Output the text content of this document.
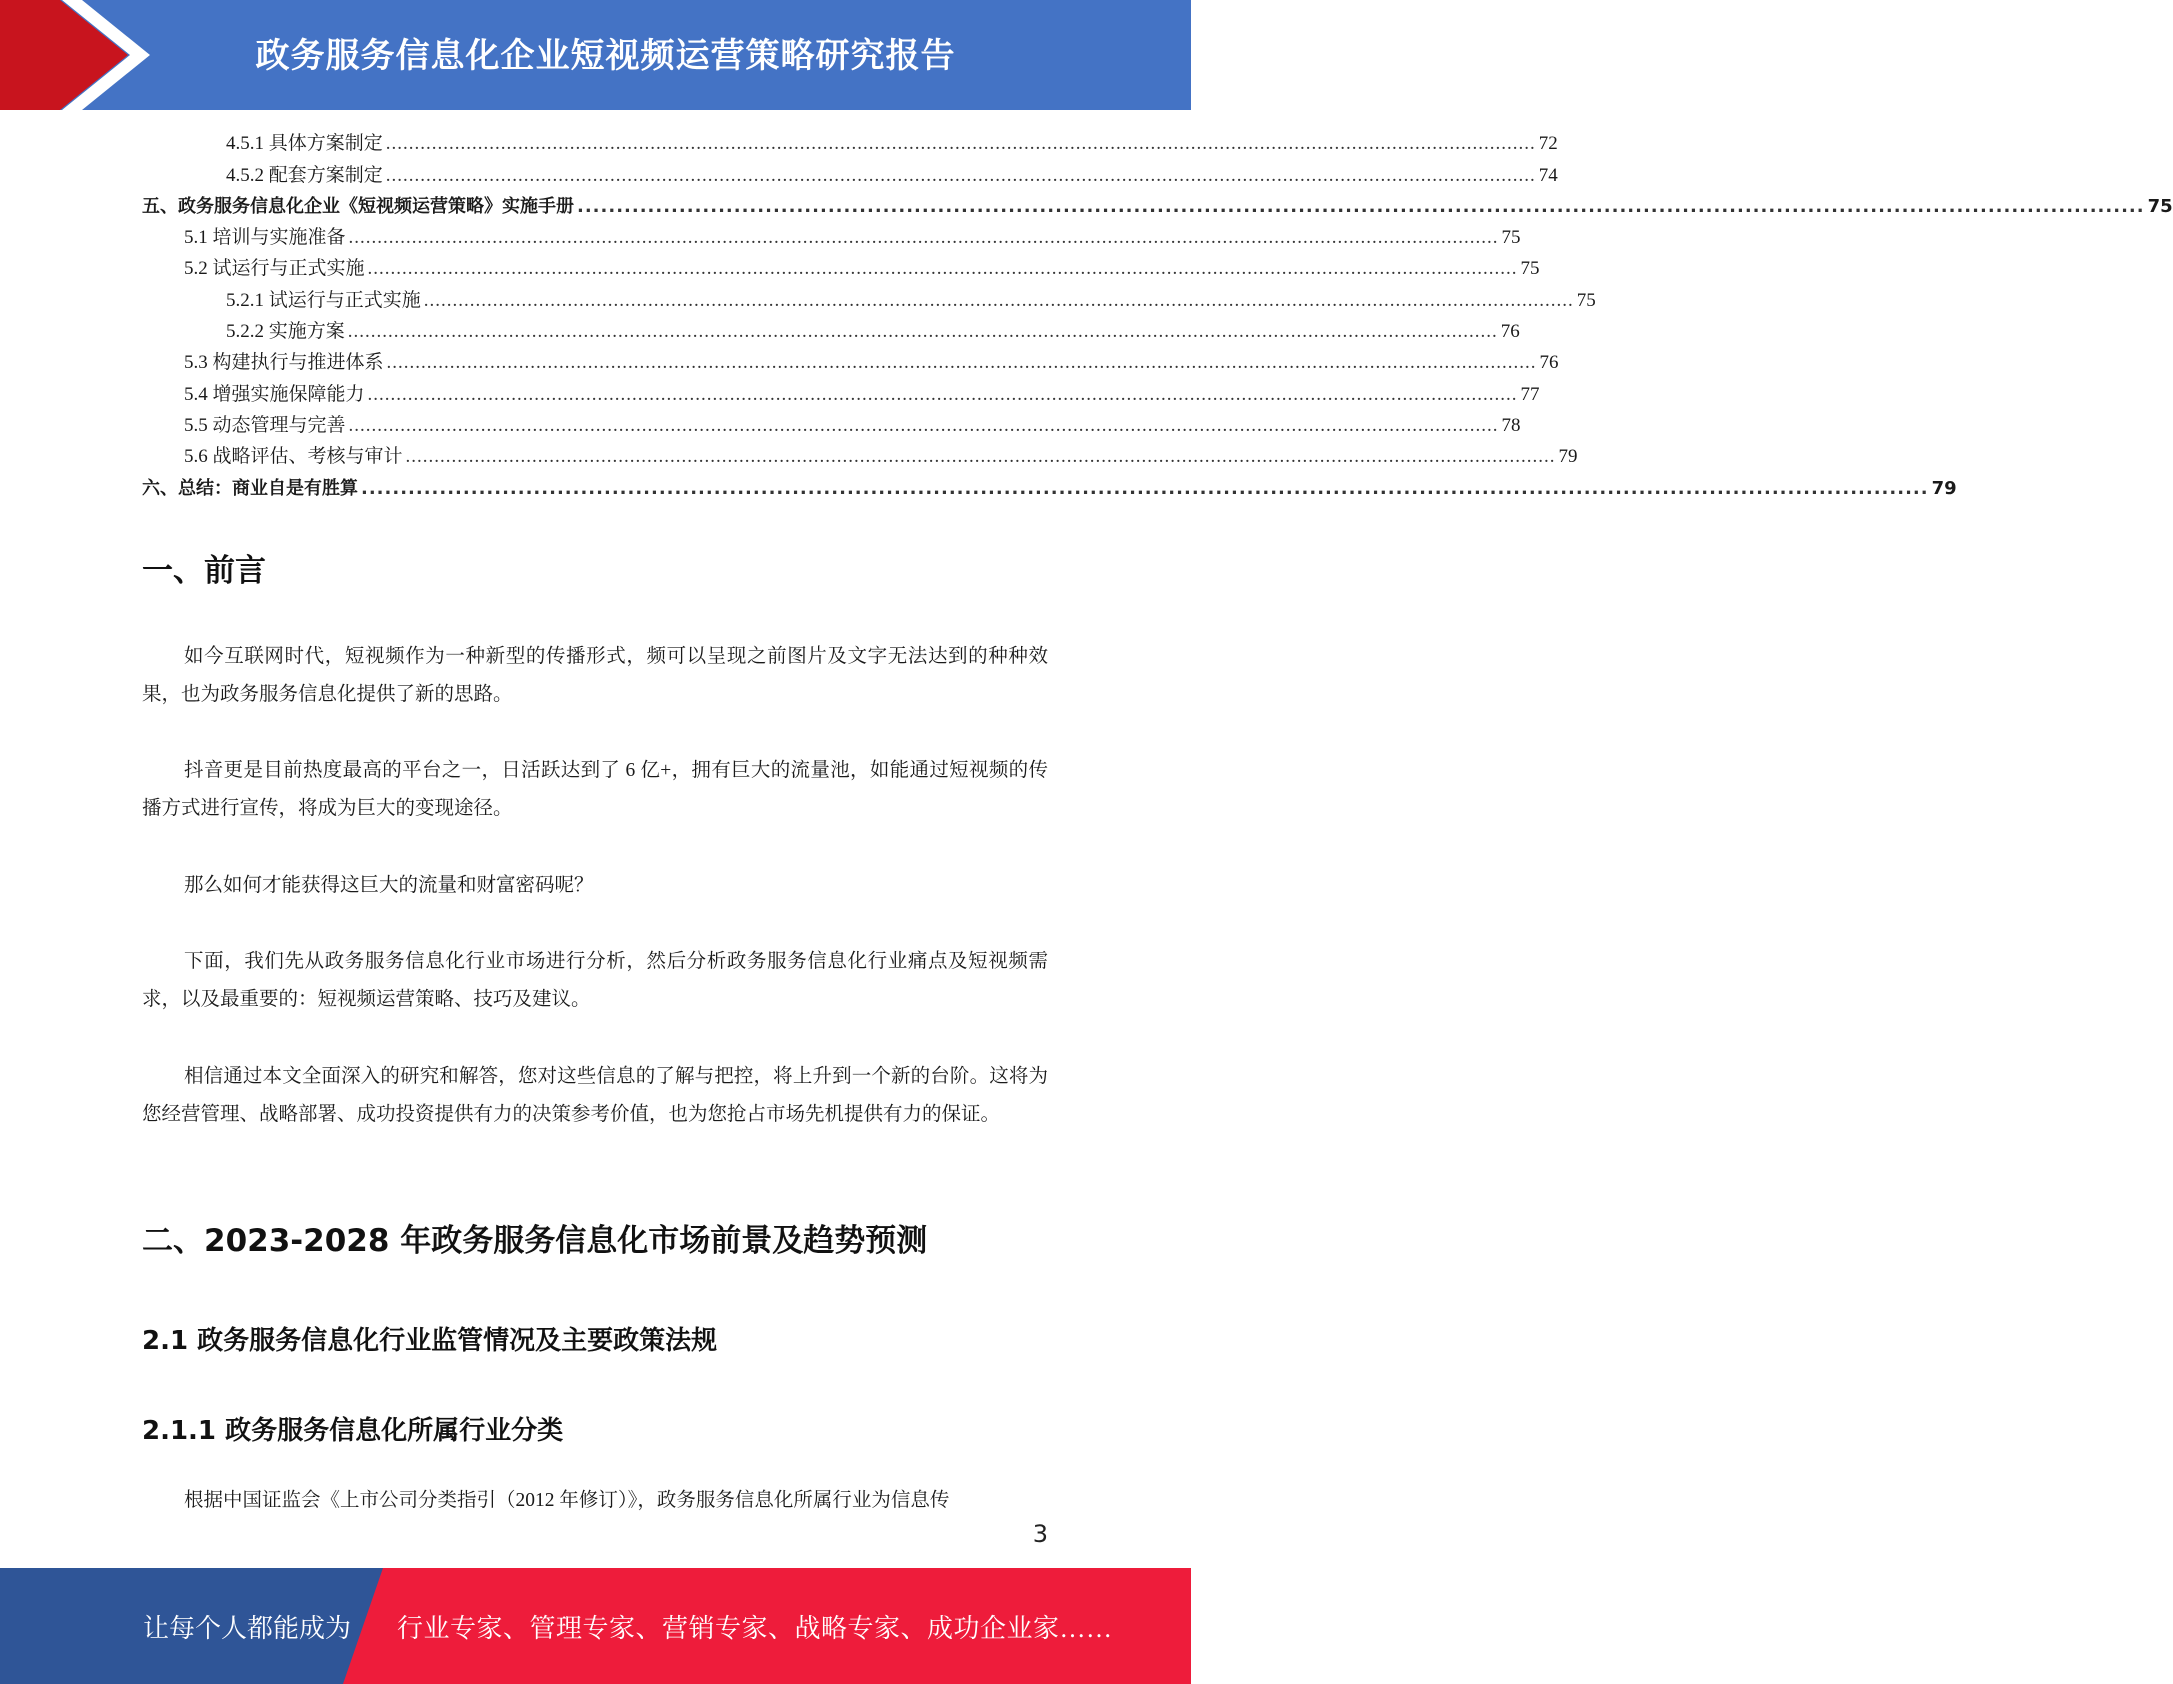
政务服务信息化企业短视频运营策略研究报告
4.5.1 具体方案制定 ........................................................................................................................................................................................................ 72
4.5.2 配套方案制定 ........................................................................................................................................................................................................ 74
五、政务服务信息化企业《短视频运营策略》实施手册 ........................................................................................................................................................................................................ 75
5.1 培训与实施准备 ........................................................................................................................................................................................................ 75
5.2 试运行与正式实施 ........................................................................................................................................................................................................ 75
5.2.1 试运行与正式实施 ........................................................................................................................................................................................................ 75
5.2.2 实施方案 ........................................................................................................................................................................................................ 76
5.3 构建执行与推进体系 ........................................................................................................................................................................................................ 76
5.4 增强实施保障能力 ........................................................................................................................................................................................................ 77
5.5 动态管理与完善 ........................................................................................................................................................................................................ 78
5.6 战略评估、考核与审计 ........................................................................................................................................................................................................ 79
六、总结：商业自是有胜算 ........................................................................................................................................................................................................ 79
一、前言

如今互联网时代，短视频作为一种新型的传播形式，频可以呈现之前图片及文字无法达到的种种效果，也为政务服务信息化提供了新的思路。

抖音更是目前热度最高的平台之一，日活跃达到了 6 亿+，拥有巨大的流量池，如能通过短视频的传播方式进行宣传，将成为巨大的变现途径。

那么如何才能获得这巨大的流量和财富密码呢？

下面，我们先从政务服务信息化行业市场进行分析，然后分析政务服务信息化行业痛点及短视频需求，以及最重要的：短视频运营策略、技巧及建议。

相信通过本文全面深入的研究和解答，您对这些信息的了解与把控，将上升到一个新的台阶。这将为您经营管理、战略部署、成功投资提供有力的决策参考价值，也为您抢占市场先机提供有力的保证。

二、2023-2028 年政务服务信息化市场前景及趋势预测
2.1 政务服务信息化行业监管情况及主要政策法规
2.1.1 政务服务信息化所属行业分类

根据中国证监会《上市公司分类指引（2012 年修订）》，政务服务信息化所属行业为信息传

3
让每个人都能成为 行业专家、管理专家、营销专家、战略专家、成功企业家……
